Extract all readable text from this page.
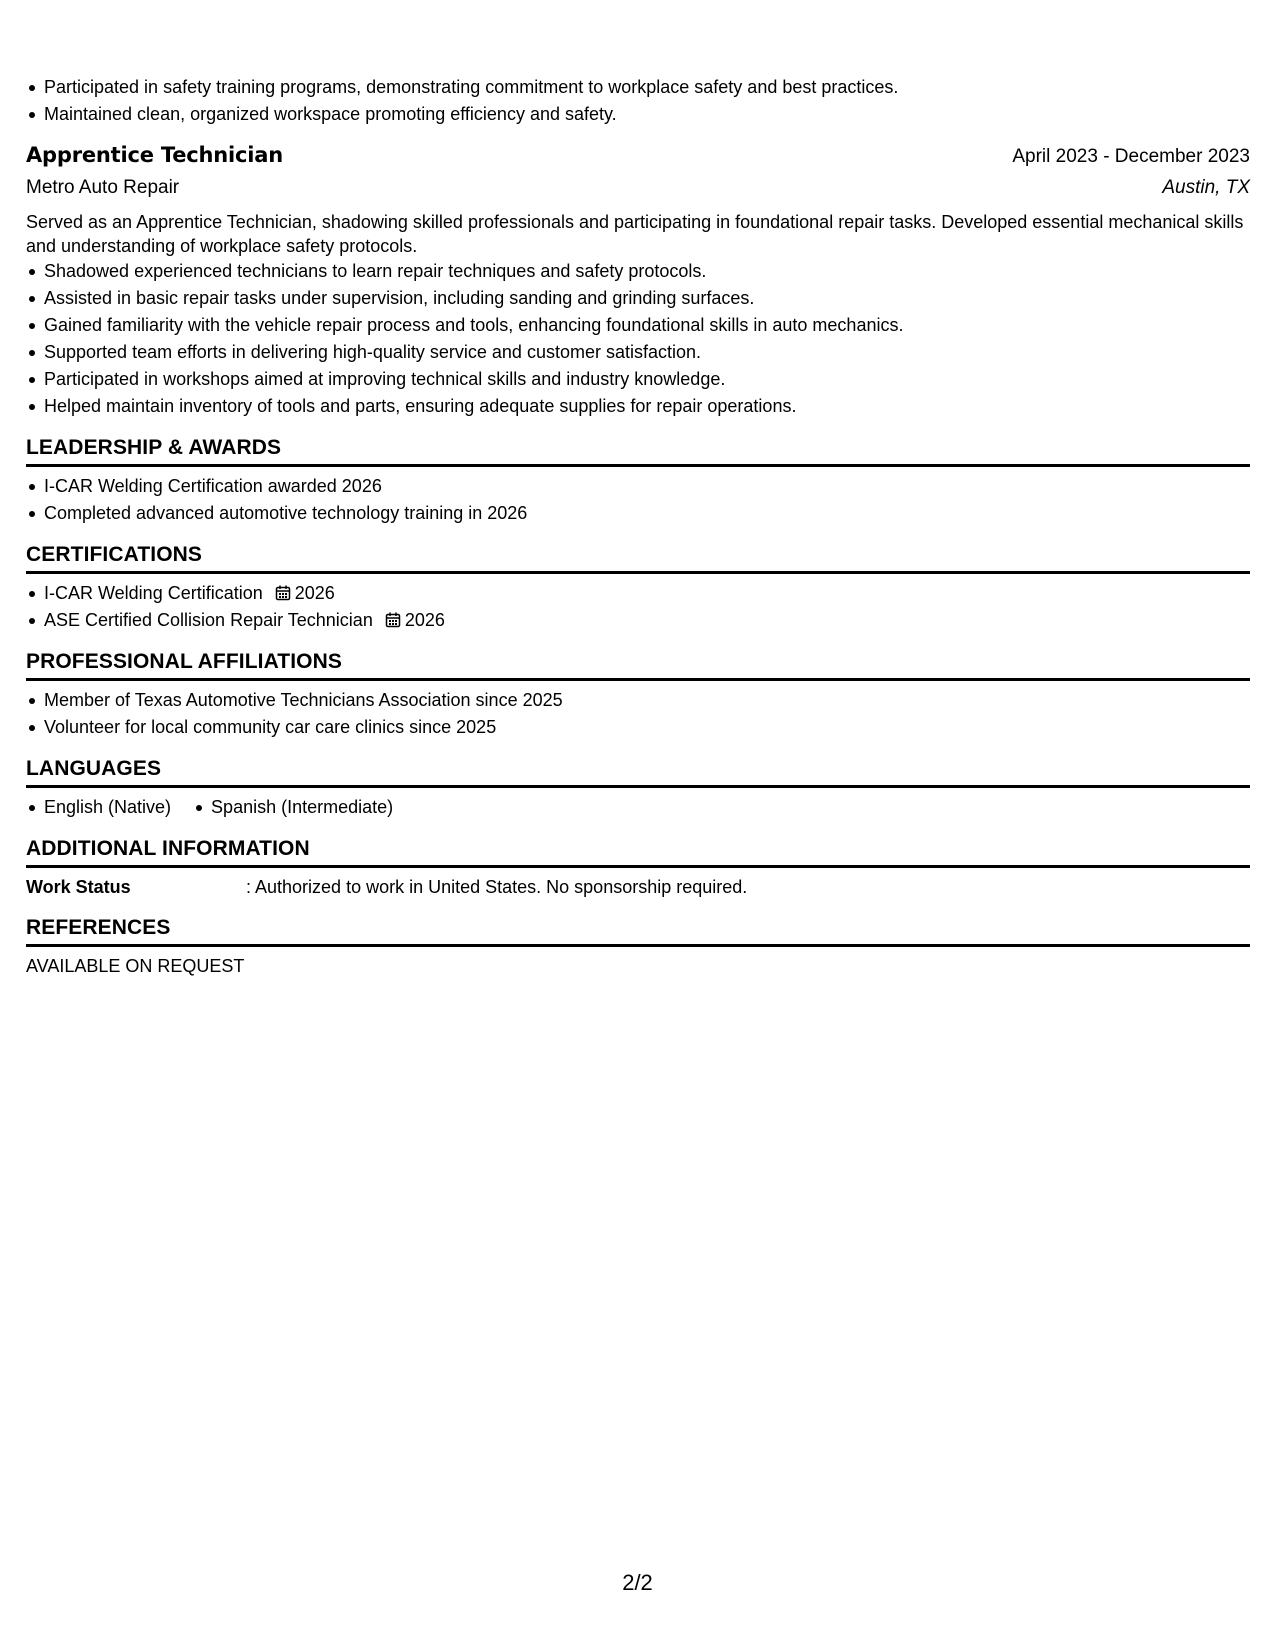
Participated in safety training programs, demonstrating commitment to workplace safety and best practices.
Maintained clean, organized workspace promoting efficiency and safety.
Apprentice Technician	April 2023 - December 2023
Metro Auto Repair	Austin, TX
Served as an Apprentice Technician, shadowing skilled professionals and participating in foundational repair tasks. Developed essential mechanical skills and understanding of workplace safety protocols.
Shadowed experienced technicians to learn repair techniques and safety protocols.
Assisted in basic repair tasks under supervision, including sanding and grinding surfaces.
Gained familiarity with the vehicle repair process and tools, enhancing foundational skills in auto mechanics.
Supported team efforts in delivering high-quality service and customer satisfaction.
Participated in workshops aimed at improving technical skills and industry knowledge.
Helped maintain inventory of tools and parts, ensuring adequate supplies for repair operations.
LEADERSHIP & AWARDS
I-CAR Welding Certification awarded 2026
Completed advanced automotive technology training in 2026
CERTIFICATIONS
I-CAR Welding Certification 2026
ASE Certified Collision Repair Technician 2026
PROFESSIONAL AFFILIATIONS
Member of Texas Automotive Technicians Association since 2025
Volunteer for local community car care clinics since 2025
LANGUAGES
English (Native) Spanish (Intermediate)
ADDITIONAL INFORMATION
Work Status	: Authorized to work in United States. No sponsorship required.
REFERENCES
AVAILABLE ON REQUEST
2/2
